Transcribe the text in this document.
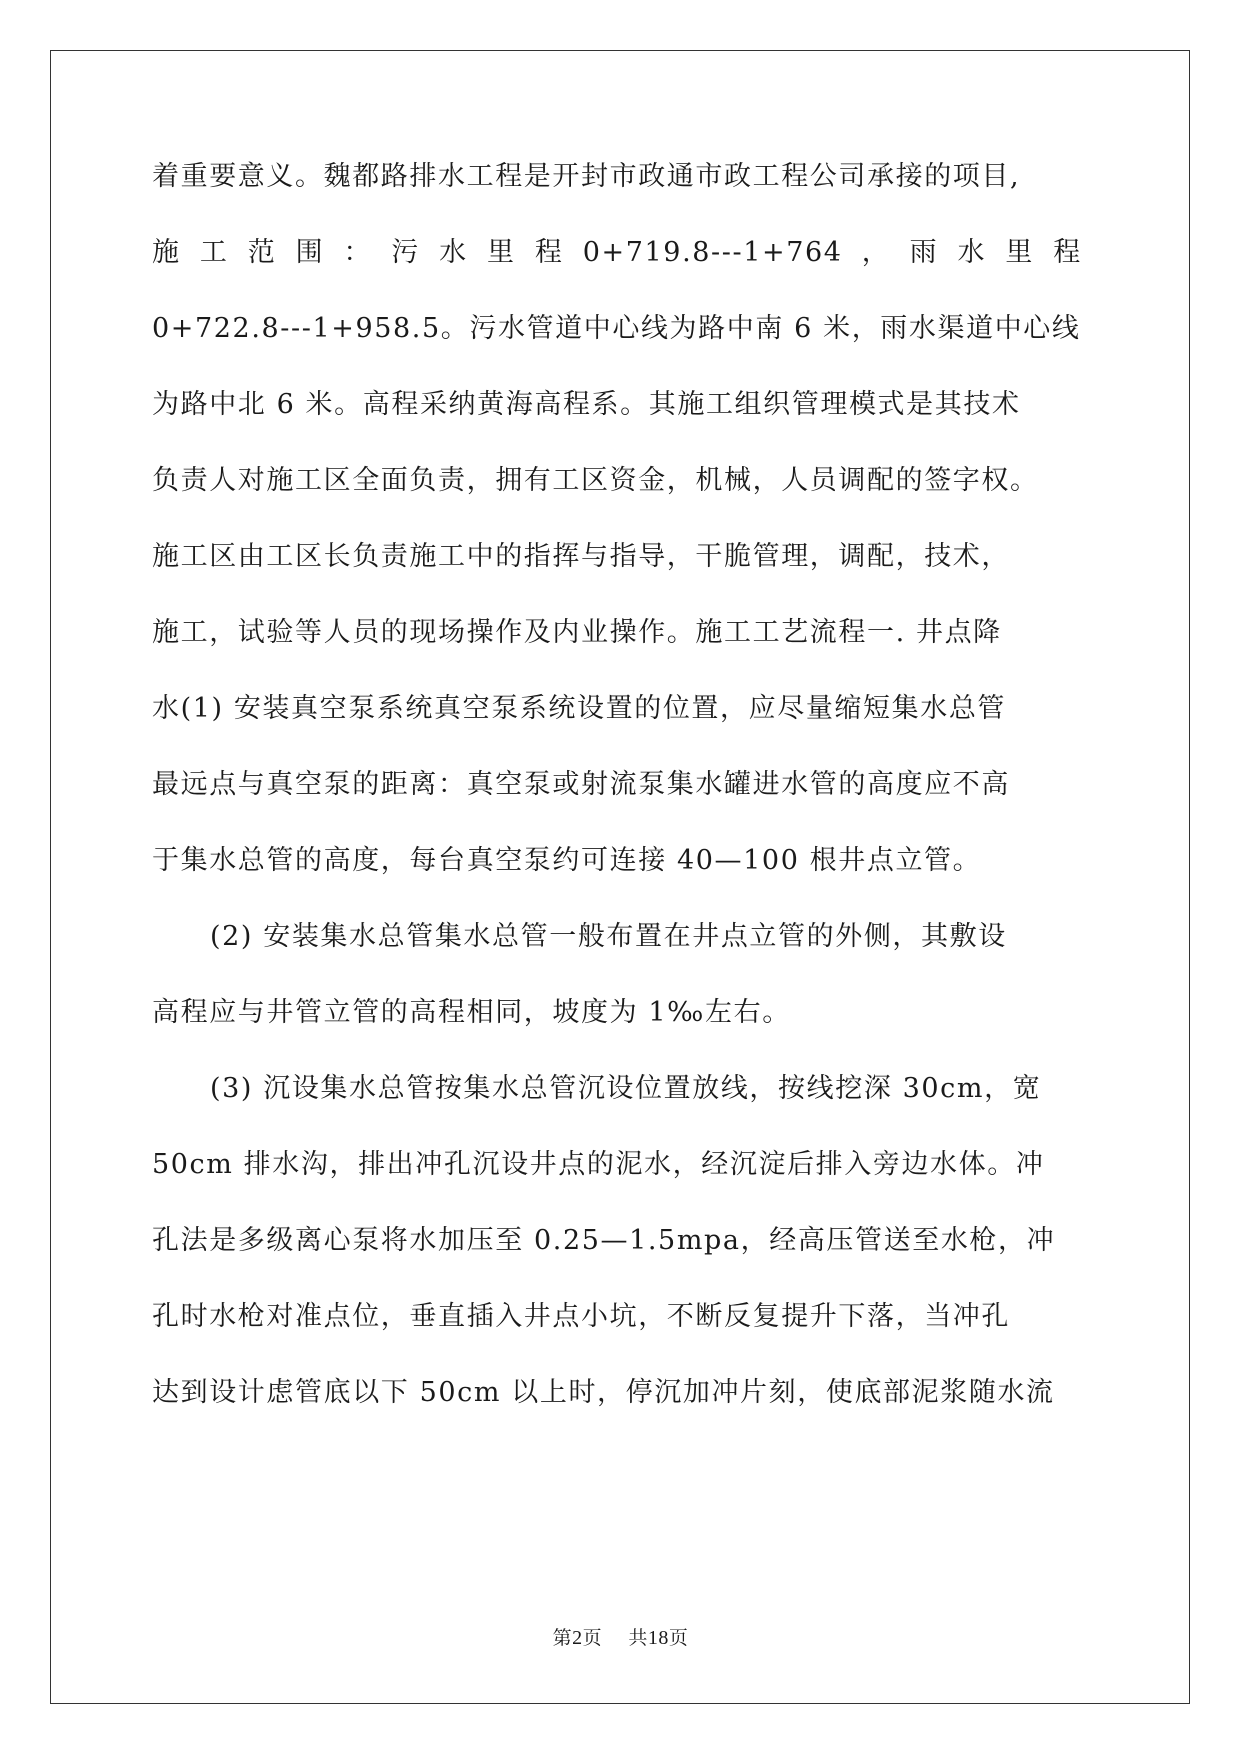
着重要意义。魏都路排水工程是开封市政通市政工程公司承接的项目,
施 工 范 围 ： 污 水 里 程 0+719.8---1+764 ， 雨 水 里 程
0+722.8---1+958.5。污水管道中心线为路中南 6 米，雨水渠道中心线
为路中北 6 米。高程采纳黄海高程系。其施工组织管理模式是其技术
负责人对施工区全面负责，拥有工区资金，机械，人员调配的签字权。
施工区由工区长负责施工中的指挥与指导，干脆管理，调配，技术，
施工，试验等人员的现场操作及内业操作。施工工艺流程一. 井点降
水(1) 安装真空泵系统真空泵系统设置的位置，应尽量缩短集水总管
最远点与真空泵的距离：真空泵或射流泵集水罐进水管的高度应不高
于集水总管的高度，每台真空泵约可连接 40—100 根井点立管。
(2) 安装集水总管集水总管一般布置在井点立管的外侧，其敷设
高程应与井管立管的高程相同，坡度为 1‰左右。
(3) 沉设集水总管按集水总管沉设位置放线，按线挖深 30cm，宽
50cm 排水沟，排出冲孔沉设井点的泥水，经沉淀后排入旁边水体。冲
孔法是多级离心泵将水加压至 0.25—1.5mpa，经高压管送至水枪，冲
孔时水枪对准点位，垂直插入井点小坑，不断反复提升下落，当冲孔
达到设计虑管底以下 50cm 以上时，停沉加冲片刻，使底部泥浆随水流
第2页 共18页
